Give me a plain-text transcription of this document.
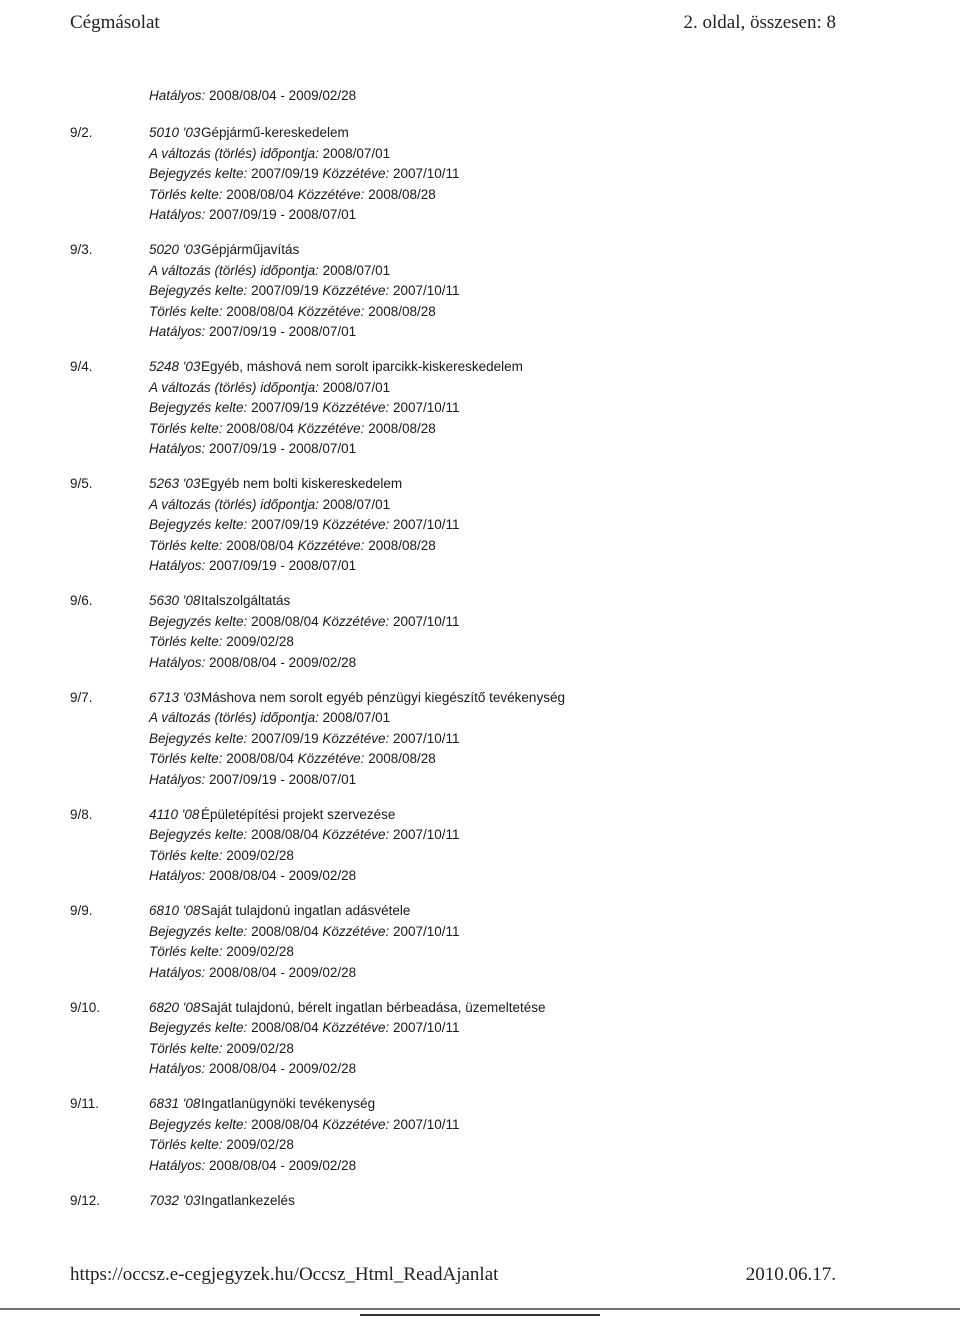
Cégmásolat	2. oldal, összesen: 8
Hatályos: 2008/08/04 - 2009/02/28
9/2.	5010 '03Gépjármű-kereskedelem
A változás (törlés) időpontja: 2008/07/01
Bejegyzés kelte: 2007/09/19 Közzétéve: 2007/10/11
Törlés kelte: 2008/08/04 Közzétéve: 2008/08/28
Hatályos: 2007/09/19 - 2008/07/01
9/3.	5020 '03Gépjárműjavítás
A változás (törlés) időpontja: 2008/07/01
Bejegyzés kelte: 2007/09/19 Közzétéve: 2007/10/11
Törlés kelte: 2008/08/04 Közzétéve: 2008/08/28
Hatályos: 2007/09/19 - 2008/07/01
9/4.	5248 '03Egyéb, máshová nem sorolt iparcikk-kiskereskedelem
A változás (törlés) időpontja: 2008/07/01
Bejegyzés kelte: 2007/09/19 Közzétéve: 2007/10/11
Törlés kelte: 2008/08/04 Közzétéve: 2008/08/28
Hatályos: 2007/09/19 - 2008/07/01
9/5.	5263 '03Egyéb nem bolti kiskereskedelem
A változás (törlés) időpontja: 2008/07/01
Bejegyzés kelte: 2007/09/19 Közzétéve: 2007/10/11
Törlés kelte: 2008/08/04 Közzétéve: 2008/08/28
Hatályos: 2007/09/19 - 2008/07/01
9/6.	5630 '08Italszolgáltatás
Bejegyzés kelte: 2008/08/04 Közzétéve: 2007/10/11
Törlés kelte: 2009/02/28
Hatályos: 2008/08/04 - 2009/02/28
9/7.	6713 '03Máshova nem sorolt egyéb pénzügyi kiegészítő tevékenység
A változás (törlés) időpontja: 2008/07/01
Bejegyzés kelte: 2007/09/19 Közzétéve: 2007/10/11
Törlés kelte: 2008/08/04 Közzétéve: 2008/08/28
Hatályos: 2007/09/19 - 2008/07/01
9/8.	4110 '08 Épületépítési projekt szervezése
Bejegyzés kelte: 2008/08/04 Közzétéve: 2007/10/11
Törlés kelte: 2009/02/28
Hatályos: 2008/08/04 - 2009/02/28
9/9.	6810 '08Saját tulajdonú ingatlan adásvétele
Bejegyzés kelte: 2008/08/04 Közzétéve: 2007/10/11
Törlés kelte: 2009/02/28
Hatályos: 2008/08/04 - 2009/02/28
9/10.	6820 '08Saját tulajdonú, bérelt ingatlan bérbeadása, üzemeltetése
Bejegyzés kelte: 2008/08/04 Közzétéve: 2007/10/11
Törlés kelte: 2009/02/28
Hatályos: 2008/08/04 - 2009/02/28
9/11.	6831 '08Ingatlanügynöki tevékenység
Bejegyzés kelte: 2008/08/04 Közzétéve: 2007/10/11
Törlés kelte: 2009/02/28
Hatályos: 2008/08/04 - 2009/02/28
9/12.	7032 '03Ingatlankezelés
https://occsz.e-cegjegyzek.hu/Occsz_Html_ReadAjanlat	2010.06.17.
